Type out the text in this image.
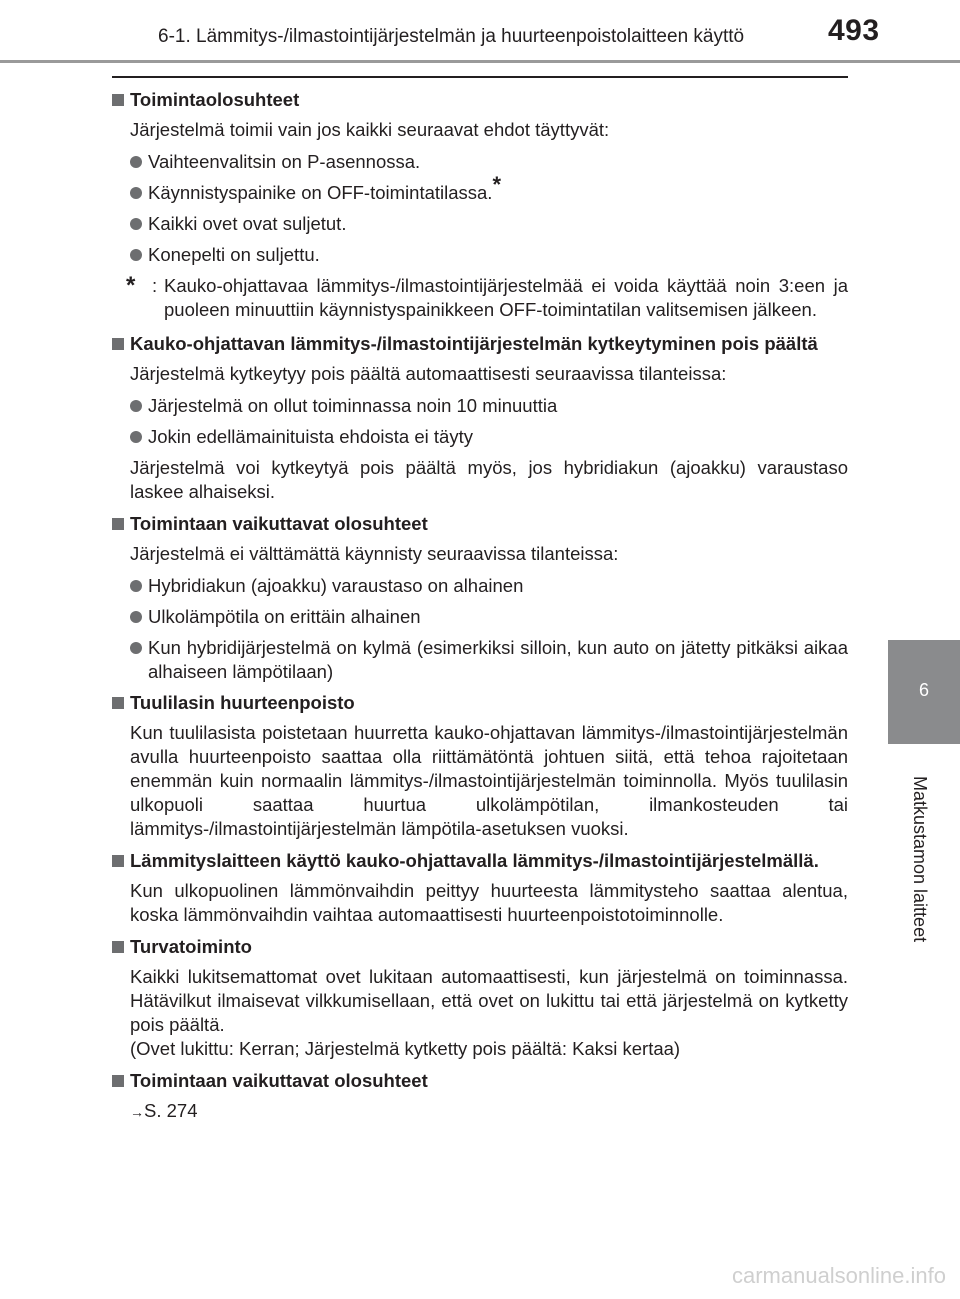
6-1. Lämmitys-/ilmastointijärjestelmän ja huurteenpoistolaitteen käyttö	493
6
Matkustamon laitteet
Toimintaolosuhteet
Järjestelmä toimii vain jos kaikki seuraavat ehdot täyttyvät:
Vaihteenvalitsin on P-asennossa.
Käynnistyspainike on OFF-toimintatilassa.*
Kaikki ovet ovat suljetut.
Konepelti on suljettu.
* : Kauko-ohjattavaa lämmitys-/ilmastointijärjestelmää ei voida käyttää noin 3:een ja puoleen minuuttiin käynnistyspainikkeen OFF-toimintatilan valitsemisen jälkeen.
Kauko-ohjattavan lämmitys-/ilmastointijärjestelmän kytkeytyminen pois päältä
Järjestelmä kytkeytyy pois päältä automaattisesti seuraavissa tilanteissa:
Järjestelmä on ollut toiminnassa noin 10 minuuttia
Jokin edellämainituista ehdoista ei täyty
Järjestelmä voi kytkeytyä pois päältä myös, jos hybridiakun (ajoakku) varaustaso laskee alhaiseksi.
Toimintaan vaikuttavat olosuhteet
Järjestelmä ei välttämättä käynnisty seuraavissa tilanteissa:
Hybridiakun (ajoakku) varaustaso on alhainen
Ulkolämpötila on erittäin alhainen
Kun hybridijärjestelmä on kylmä (esimerkiksi silloin, kun auto on jätetty pitkäksi aikaa alhaiseen lämpötilaan)
Tuulilasin huurteenpoisto
Kun tuulilasista poistetaan huurretta kauko-ohjattavan lämmitys-/ilmastointijärjestelmän avulla huurteenpoisto saattaa olla riittämätöntä johtuen siitä, että tehoa rajoitetaan enemmän kuin normaalin lämmitys-/ilmastointijärjestelmän toiminnolla. Myös tuulilasin ulkopuoli saattaa huurtua ulkolämpötilan, ilmankosteuden tai lämmitys-/ilmastointijärjestelmän lämpötila-asetuksen vuoksi.
Lämmityslaitteen käyttö kauko-ohjattavalla lämmitys-/ilmastointijärjestelmällä.
Kun ulkopuolinen lämmönvaihdin peittyy huurteesta lämmitysteho saattaa alentua, koska lämmönvaihdin vaihtaa automaattisesti huurteenpoistotoiminnolle.
Turvatoiminto
Kaikki lukitsemattomat ovet lukitaan automaattisesti, kun järjestelmä on toiminnassa. Hätävilkut ilmaisevat vilkkumisellaan, että ovet on lukittu tai että järjestelmä on kytketty pois päältä.
(Ovet lukittu: Kerran; Järjestelmä kytketty pois päältä: Kaksi kertaa)
Toimintaan vaikuttavat olosuhteet
→S. 274
carmanualsonline.info
